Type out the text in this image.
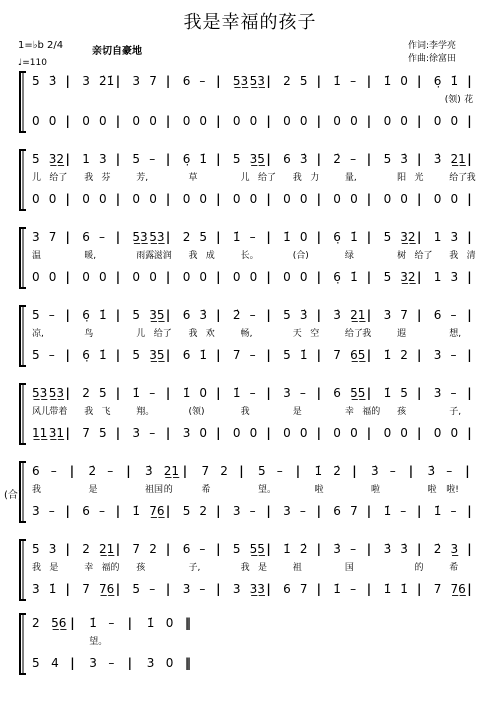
我是幸福的孩子
1=♭b 2/4
♩=110
亲切自豪地	作词:李学亮
作曲:徐富田
(合)
5 3̇ | 3 2̇1̇ | 3 7 | 6 – | 5̲3̲ 5̲3̲ | 2 5 | 1̇ – | 1̇ 0 | 6̣ 1̇ |
(领) 花
0 0 | 0 0 | 0 0 | 0 0 | 0 0 | 0 0 | 0 0 | 0 0 | 0 0 |
5 3̲2̲ | 1 3 | 5 – | 6̣ 1̇ | 5 3̲5̲ | 6 3̇ | 2̇ – | 5 3̇ | 3̇ 2̲1̲ |
儿 给了 我 芬	芳,	草	儿 给了 我 力	量,	阳 光	给了 我
0 0 | 0 0 | 0 0 | 0 0 | 0 0 | 0 0 | 0 0 | 0 0 | 0 0 |
3 7 | 6 – | 5̲3̲ 5̲3̲ | 2 5 | 1̇ – | 1̇ 0 | 6̣ 1̇ | 5 3̲2̲ | 1 3 |
温	暖,	雨露 滋润 我 成	长。	(合)	绿	树 给了 我 清
0 0 | 0 0 | 0 0 | 0 0 | 0 0 | 0 0 | 6̣ 1̇ | 5 3̲2̲ | 1 3 |
5 – | 6̣ 1̇ | 5 3̲5̲ | 6 3̇ | 2̇ – | 5 3̇ | 3̇ 2̲1̲ | 3 7 | 6 – |
凉,	鸟	儿 给了 我 欢	畅,	天 空	给了 我	遐	想,
5 – | 6̣ 1̇ | 5 3̲5̲ | 6 1̇ | 7 – | 5 1̇ | 7 6̲5̲ | 1̇ 2 | 3 – |
5̲3̲ 5̲3̲ | 2 5 | 1̇ – | 1̇ 0 | 1̇ – | 3 – | 6 5̲5̲ | 1̇ 5 | 3 – |
风儿 带着 我 飞	翔。	(领)	我	是	幸 福的 孩	子,
1̲1̲ 3̲1̲ | 7 5 | 3 – | 3 0 | 0 0 | 0 0 | 0 0 | 0 0 | 0 0 |
6 – | 2̇ – | 3̇ 2̲1̲ | 7 2 | 5 – | 1̇ 2̇ | 3̇ – | 3̇ – |
我	是	祖国 的	希	望。	啦	啦	啦 啦!
3 – | 6 – | 1̇ 7̲6̲ | 5 2 | 3 – | 3 – | 6 7 | 1̇ – | 1̇ – |
5 3 | 2 2̲1̲ | 7 2 | 6 – | 5 5̲5̲ | 1̇ 2̇ | 3̇ – | 3̇ 3̇ | 2̇ 3̲ |
我 是	幸 福的 孩	子,	我 是	祖	国	的	希
3 1̇ | 7 7̲6̲ | 5 – | 3 – | 3 3̲3̲ | 6 7 | 1̇ – | 1̇ 1̇ | 7 7̲6̲ |
2 5̲6̲ | 1̇ – | 1̇ 0 ‖
望。
5 4 | 3 – | 3 0 ‖
